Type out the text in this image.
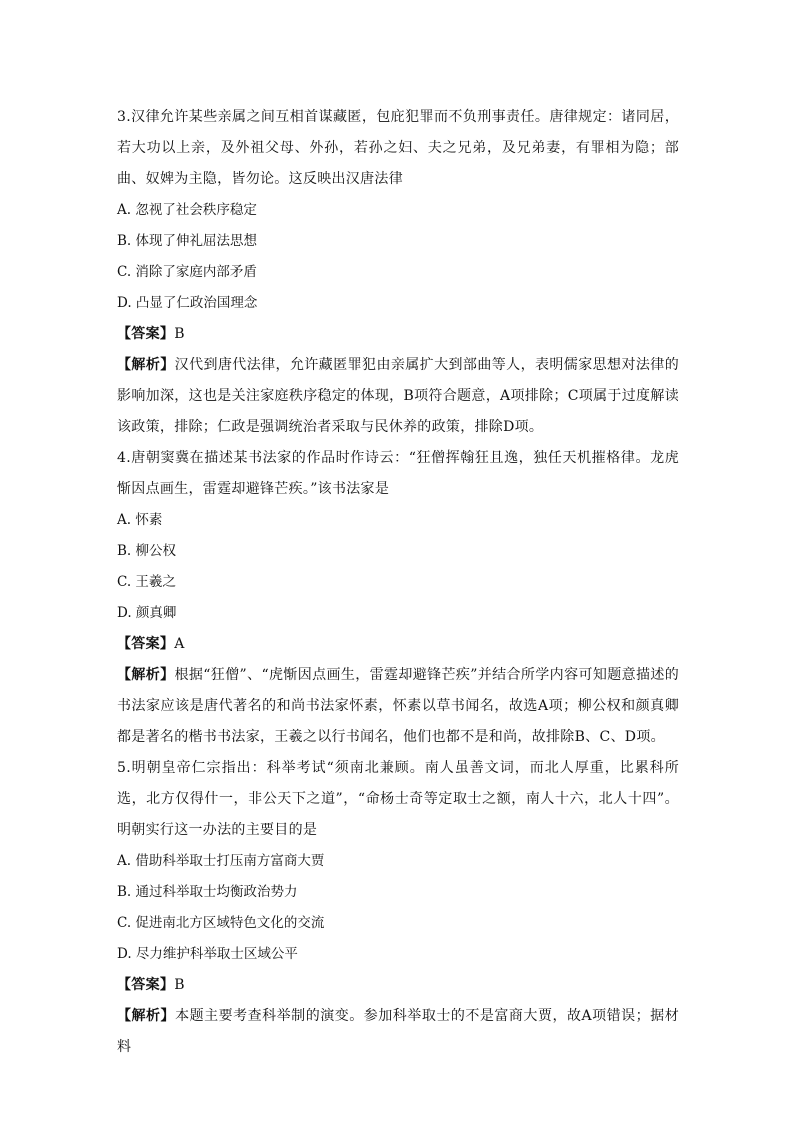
3.汉律允许某些亲属之间互相首谋藏匿，包庇犯罪而不负刑事责任。唐律规定：诸同居，若大功以上亲，及外祖父母、外孙，若孙之妇、夫之兄弟，及兄弟妻，有罪相为隐；部曲、奴婢为主隐，皆勿论。这反映出汉唐法律
A. 忽视了社会秩序稳定
B. 体现了伸礼屈法思想
C. 消除了家庭内部矛盾
D. 凸显了仁政治国理念
【答案】B
【解析】汉代到唐代法律，允许藏匿罪犯由亲属扩大到部曲等人，表明儒家思想对法律的影响加深，这也是关注家庭秩序稳定的体现，B项符合题意，A项排除；C项属于过度解读该政策，排除；仁政是强调统治者采取与民休养的政策，排除D项。
4.唐朝窦冀在描述某书法家的作品时作诗云：“狂僧挥翰狂且逸，独任天机摧格律。龙虎惭因点画生，雷霆却避锋芒疾。”该书法家是
A. 怀素
B. 柳公权
C. 王羲之
D. 颜真卿
【答案】A
【解析】根据“狂僧”、“虎惭因点画生，雷霆却避锋芒疾”并结合所学内容可知题意描述的书法家应该是唐代著名的和尚书法家怀素，怀素以草书闻名，故选A项；柳公权和颜真卿都是著名的楷书书法家，王羲之以行书闻名，他们也都不是和尚，故排除B、C、D项。
5.明朝皇帝仁宗指出：科举考试“须南北兼顾。南人虽善文词，而北人厚重，比累科所选，北方仅得什一，非公天下之道”，“命杨士奇等定取士之额，南人十六，北人十四”。明朝实行这一办法的主要目的是
A. 借助科举取士打压南方富商大贾
B. 通过科举取士均衡政治势力
C. 促进南北方区域特色文化的交流
D. 尽力维护科举取士区域公平
【答案】B
【解析】本题主要考查科举制的演变。参加科举取士的不是富商大贾，故A项错误；据材料
